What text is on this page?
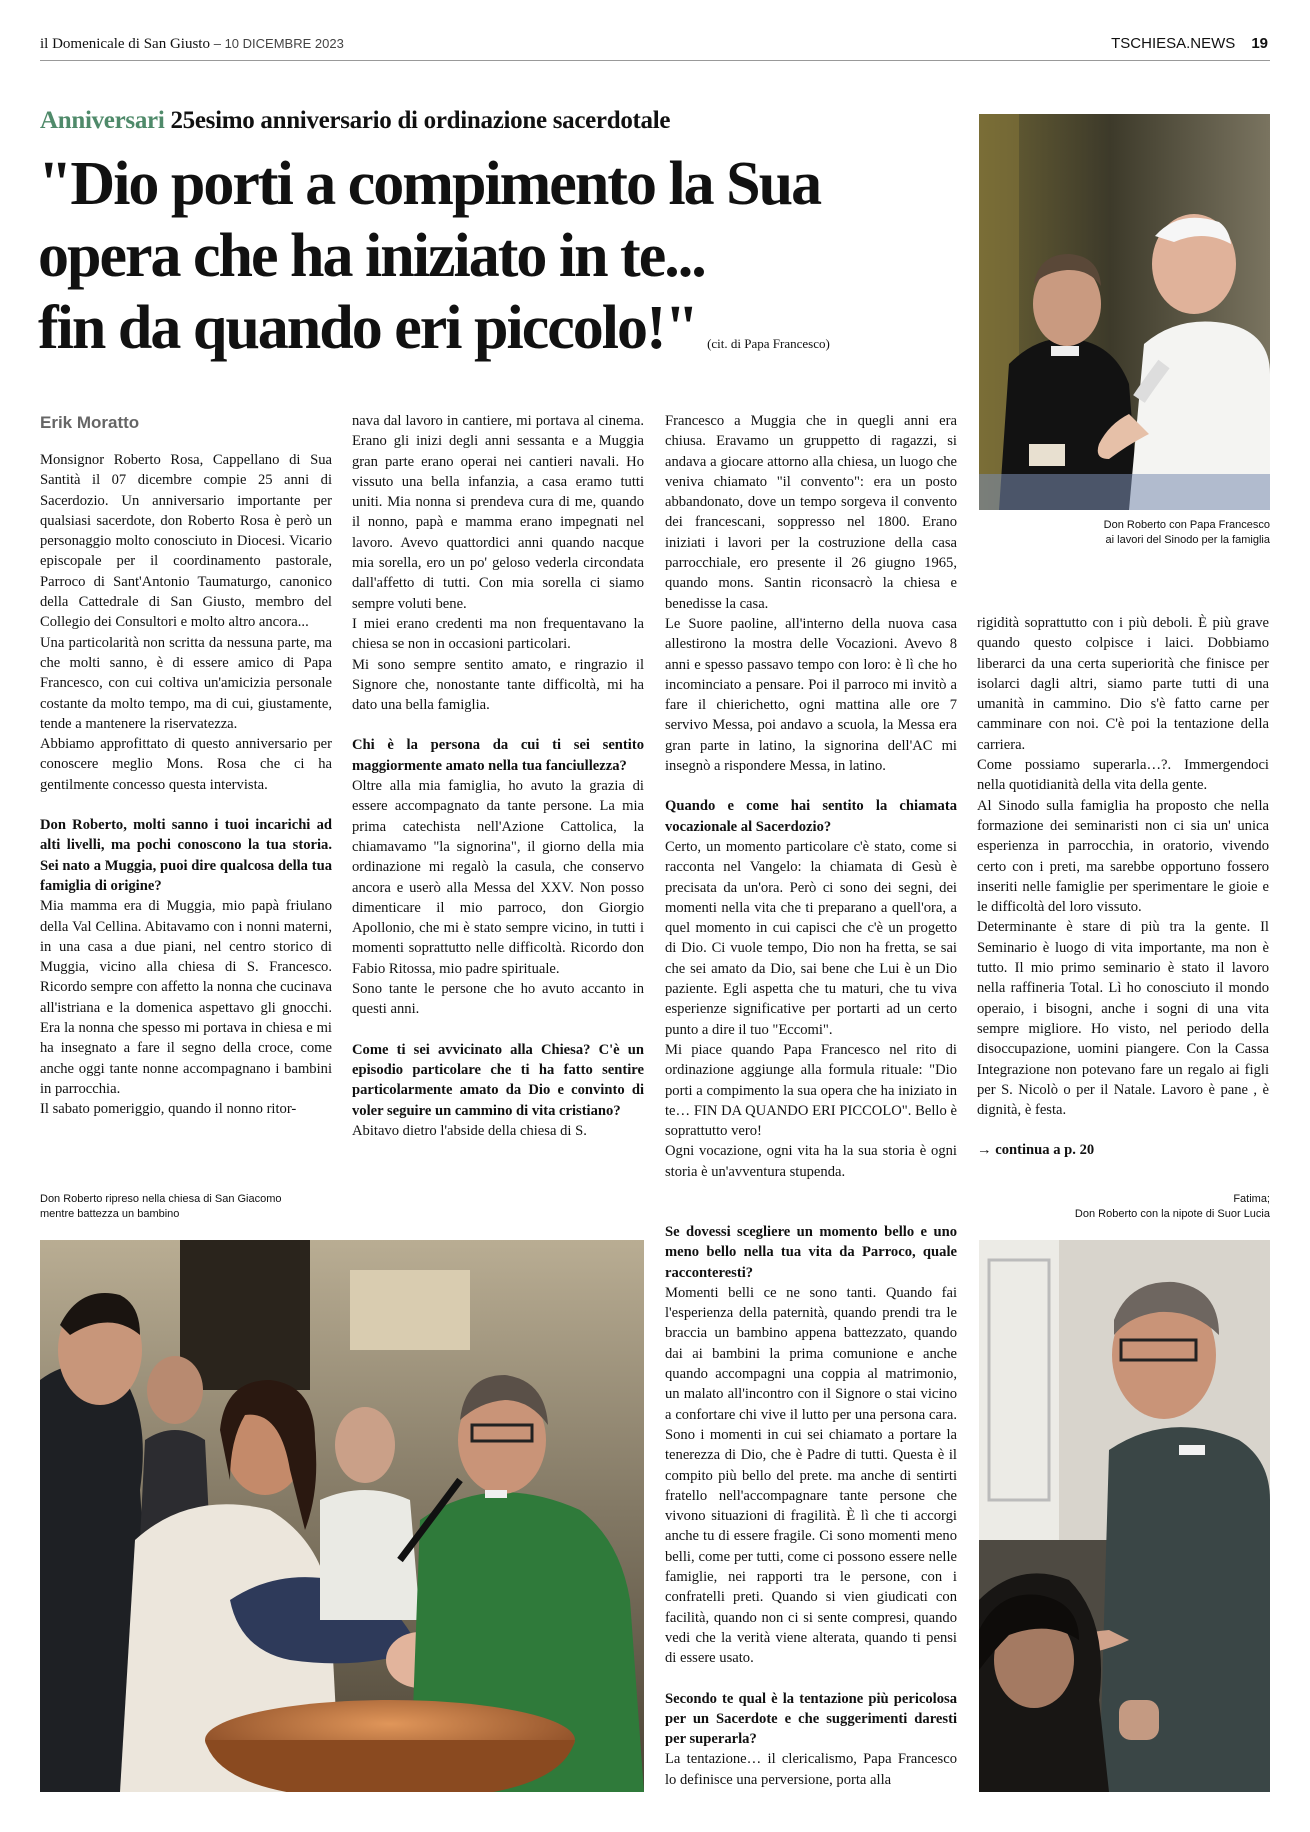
il Domenicale di San Giusto – 10 DICEMBRE 2023	TSCHIESA.NEWS 19
Anniversari 25esimo anniversario di ordinazione sacerdotale
"Dio porti a compimento la Sua
opera che ha iniziato in te...
fin da quando eri piccolo!" (cit. di Papa Francesco)
Erik Moratto

Monsignor Roberto Rosa, Cappellano di Sua Santità il 07 dicembre compie 25 anni di Sacerdozio. Un anniversario importante per qualsiasi sacerdote, don Roberto Rosa è però un personaggio molto conosciuto in Diocesi. Vicario episcopale per il coordinamento pastorale, Parroco di Sant'Antonio Taumaturgo, canonico della Cattedrale di San Giusto, membro del Collegio dei Consultori e molto altro ancora...

Una particolarità non scritta da nessuna parte, ma che molti sanno, è di essere amico di Papa Francesco, con cui coltiva un'amicizia personale costante da molto tempo, ma di cui, giustamente, tende a mantenere la riservatezza.

Abbiamo approfittato di questo anniversario per conoscere meglio Mons. Rosa che ci ha gentilmente concesso questa intervista.

Don Roberto, molti sanno i tuoi incarichi ad alti livelli, ma pochi conoscono la tua storia. Sei nato a Muggia, puoi dire qualcosa della tua famiglia di origine?

Mia mamma era di Muggia, mio papà friulano della Val Cellina. Abitavamo con i nonni materni, in una casa a due piani, nel centro storico di Muggia, vicino alla chiesa di S. Francesco. Ricordo sempre con affetto la nonna che cucinava all'istriana e la domenica aspettavo gli gnocchi. Era la nonna che spesso mi portava in chiesa e mi ha insegnato a fare il segno della croce, come anche oggi tante nonne accompagnano i bambini in parrocchia.

Il sabato pomeriggio, quando il nonno ritor-

nava dal lavoro in cantiere, mi portava al cinema. Erano gli inizi degli anni sessanta e a Muggia gran parte erano operai nei cantieri navali. Ho vissuto una bella infanzia, a casa eramo tutti uniti. Mia nonna si prendeva cura di me, quando il nonno, papà e mamma erano impegnati nel lavoro. Avevo quattordici anni quando nacque mia sorella, ero un po' geloso vederla circondata dall'affetto di tutti. Con mia sorella ci siamo sempre voluti bene.

I miei erano credenti ma non frequentavano la chiesa se non in occasioni particolari.

Mi sono sempre sentito amato, e ringrazio il Signore che, nonostante tante difficoltà, mi ha dato una bella famiglia.

Chi è la persona da cui ti sei sentito maggiormente amato nella tua fanciullezza?

Oltre alla mia famiglia, ho avuto la grazia di essere accompagnato da tante persone. La mia prima catechista nell'Azione Cattolica, la chiamavamo "la signorina", il giorno della mia ordinazione mi regalò la casula, che conservo ancora e userò alla Messa del XXV. Non posso dimenticare il mio parroco, don Giorgio Apollonio, che mi è stato sempre vicino, in tutti i momenti soprattutto nelle difficoltà. Ricordo don Fabio Ritossa, mio padre spirituale.

Sono tante le persone che ho avuto accanto in questi anni.

Come ti sei avvicinato alla Chiesa? C'è un episodio particolare che ti ha fatto sentire particolarmente amato da Dio e convinto di voler seguire un cammino di vita cristiano?

Abitavo dietro l'abside della chiesa di S.

Francesco a Muggia che in quegli anni era chiusa. Eravamo un gruppetto di ragazzi, si andava a giocare attorno alla chiesa, un luogo che veniva chiamato "il convento": era un posto abbandonato, dove un tempo sorgeva il convento dei francescani, soppresso nel 1800. Erano iniziati i lavori per la costruzione della casa parrocchiale, ero presente il 26 giugno 1965, quando mons. Santin riconsacrò la chiesa e benedisse la casa.

Le Suore paoline, all'interno della nuova casa allestirono la mostra delle Vocazioni. Avevo 8 anni e spesso passavo tempo con loro: è lì che ho incominciato a pensare. Poi il parroco mi invitò a fare il chierichetto, ogni mattina alle ore 7 servivo Messa, poi andavo a scuola, la Messa era gran parte in latino, la signorina dell'AC mi insegnò a rispondere Messa, in latino.

Quando e come hai sentito la chiamata vocazionale al Sacerdozio?

Certo, un momento particolare c'è stato, come si racconta nel Vangelo: la chiamata di Gesù è precisata da un'ora. Però ci sono dei segni, dei momenti nella vita che ti preparano a quell'ora, a quel momento in cui capisci che c'è un progetto di Dio. Ci vuole tempo, Dio non ha fretta, se sai che sei amato da Dio, sai bene che Lui è un Dio paziente. Egli aspetta che tu maturi, che tu viva esperienze significative per portarti ad un certo punto a dire il tuo "Eccomi".

Mi piace quando Papa Francesco nel rito di ordinazione aggiunge alla formula rituale: "Dio porti a compimento la sua opera che ha iniziato in te… FIN DA QUANDO ERI PICCOLO". Bello è soprattutto vero!

Ogni vocazione, ogni vita ha la sua storia è ogni storia è un'avventura stupenda.

Se dovessi scegliere un momento bello e uno meno bello nella tua vita da Parroco, quale racconteresti?

Momenti belli ce ne sono tanti. Quando fai l'esperienza della paternità, quando prendi tra le braccia un bambino appena battezzato, quando dai ai bambini la prima comunione e anche quando accompagni una coppia al matrimonio, un malato all'incontro con il Signore o stai vicino a confortare chi vive il lutto per una persona cara. Sono i momenti in cui sei chiamato a portare la tenerezza di Dio, che è Padre di tutti. Questa è il compito più bello del prete. ma anche di sentirti fratello nell'accompagnare tante persone che vivono situazioni di fragilità. È lì che ti accorgi anche tu di essere fragile. Ci sono momenti meno belli, come per tutti, come ci possono essere nelle famiglie, nei rapporti tra le persone, con i confratelli preti. Quando si vien giudicati con facilità, quando non ci si sente compresi, quando vedi che la verità viene alterata, quando ti pensi di essere usato.

Secondo te qual è la tentazione più pericolosa per un Sacerdote e che suggerimenti daresti per superarla?

La tentazione… il clericalismo, Papa Francesco lo definisce una perversione, porta alla

rigidità soprattutto con i più deboli. È più grave quando questo colpisce i laici. Dobbiamo liberarci da una certa superiorità che finisce per isolarci dagli altri, siamo parte tutti di una umanità in cammino. Dio s'è fatto carne per camminare con noi. C'è poi la tentazione della carriera.

Come possiamo superarla…?. Immergendoci nella quotidianità della vita della gente.

Al Sinodo sulla famiglia ha proposto che nella formazione dei seminaristi non ci sia un' unica esperienza in parrocchia, in oratorio, vivendo certo con i preti, ma sarebbe opportuno fossero inseriti nelle famiglie per sperimentare le gioie e le difficoltà del loro vissuto.

Determinante è stare di più tra la gente. Il Seminario è luogo di vita importante, ma non è tutto. Il mio primo seminario è stato il lavoro nella raffineria Total. Lì ho conosciuto il mondo operaio, i bisogni, anche i sogni di una vita sempre migliore. Ho visto, nel periodo della disoccupazione, uomini piangere. Con la Cassa Integrazione non potevano fare un regalo ai figli per S. Nicolò o per il Natale. Lavoro è pane , è dignità, è festa.

→ continua a p. 20

Don Roberto con Papa Francesco
ai lavori del Sinodo per la famiglia
Don Roberto ripreso nella chiesa di San Giacomo
mentre battezza un bambino
Fatima;
Don Roberto con la nipote di Suor Lucia
